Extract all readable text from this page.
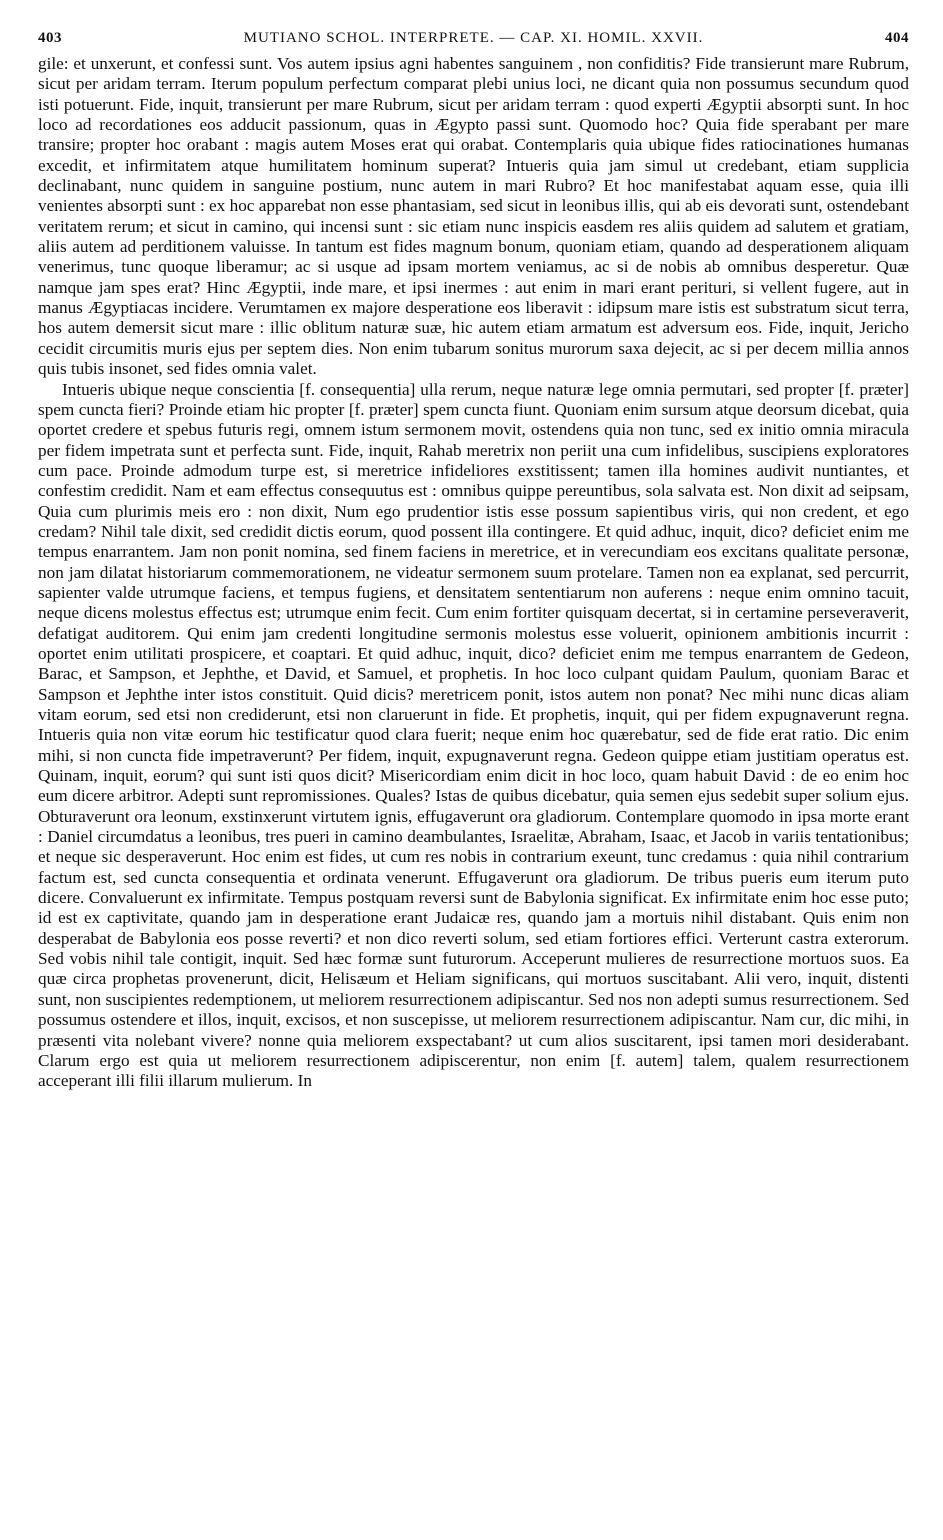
403	MUTIANO SCHOL. INTERPRETE. — CAP. XI. HOMIL. XXVII.	404

gile: et unxerunt, et confessi sunt. Vos autem ipsius agni habentes sanguinem , non confiditis? Fide transierunt mare Rubrum, sicut per aridam terram. Iterum populum perfectum comparat plebi unius loci, ne dicant quia non possumus secundum quod isti potuerunt. Fide, inquit, transierunt per mare Rubrum, sicut per aridam terram : quod experti Ægyptii absorpti sunt. In hoc loco ad recordationes eos adducit passionum, quas in Ægypto passi sunt. Quomodo hoc? Quia fide sperabant per mare transire; propter hoc orabant : magis autem Moses erat qui orabat. Contemplaris quia ubique fides ratiocinationes humanas excedit, et infirmitatem atque humilitatem hominum superat? Intueris quia jam simul ut credebant, etiam supplicia declinabant, nunc quidem in sanguine postium, nunc autem in mari Rubro? Et hoc manifestabat aquam esse, quia illi venientes absorpti sunt : ex hoc apparebat non esse phantasiam, sed sicut in leonibus illis, qui ab eis devorati sunt, ostendebant veritatem rerum; et sicut in camino, qui incensi sunt : sic etiam nunc inspicis easdem res aliis quidem ad salutem et gratiam, aliis autem ad perditionem valuisse. In tantum est fides magnum bonum, quoniam etiam, quando ad desperationem aliquam venerimus, tunc quoque liberamur; ac si usque ad ipsam mortem veniamus, ac si de nobis ab omnibus desperetur. Quæ namque jam spes erat? Hinc Ægyptii, inde mare, et ipsi inermes : aut enim in mari erant perituri, si vellent fugere, aut in manus Ægyptiacas incidere. Verumtamen ex majore desperatione eos liberavit : idipsum mare istis est substratum sicut terra, hos autem demersit sicut mare : illic oblitum naturæ suæ, hic autem etiam armatum est adversum eos. Fide, inquit, Jericho cecidit circumitis muris ejus per septem dies. Non enim tubarum sonitus murorum saxa dejecit, ac si per decem millia annos quis tubis insonet, sed fides omnia valet.

Intueris ubique neque conscientia [f. consequentia] ulla rerum, neque naturæ lege omnia permutari, sed propter [f. præter] spem cuncta fieri? Proinde etiam hic propter [f. præter] spem cuncta fiunt. Quoniam enim sursum atque deorsum dicebat, quia oportet credere et spebus futuris regi, omnem istum sermonem movit, ostendens quia non tunc, sed ex initio omnia miracula per fidem impetrata sunt et perfecta sunt. Fide, inquit, Rahab meretrix non periit una cum infidelibus, suscipiens exploratores cum pace. Proinde admodum turpe est, si meretrice infideliores exstitissent; tamen illa homines audivit nuntiantes, et confestim credidit. Nam et eam effectus consequutus est : omnibus quippe pereuntibus, sola salvata est. Non dixit ad seipsam, Quia cum plurimis meis ero : non dixit, Num ego prudentior istis esse possum sapientibus viris, qui non credent, et ego credam? Nihil tale dixit, sed credidit dictis eorum, quod possent illa contingere. Et quid adhuc, inquit, dico? deficiet enim me tempus enarrantem. Jam non ponit nomina, sed finem faciens in meretrice, et in verecundiam eos excitans qualitate personæ, non jam dilatat historiarum commemorationem, ne videatur sermonem suum protelare. Tamen non ea explanat, sed percurrit, sapienter valde utrumque faciens, et tempus fugiens, et densitatem sententiarum non auferens : neque enim omnino tacuit, neque dicens molestus effectus est; utrumque enim fecit. Cum enim fortiter quisquam decertat, si in certamine perseveraverit, defatigat auditorem. Qui enim jam credenti longitudine sermonis molestus esse voluerit, opinionem ambitionis incurrit : oportet enim utilitati prospicere, et coaptari. Et quid adhuc, inquit, dico? deficiet enim me tempus enarrantem de Gedeon, Barac, et Sampson, et Jephthe, et David, et Samuel, et prophetis. In hoc loco culpant quidam Paulum, quoniam Barac et Sampson et Jephthe inter istos constituit. Quid dicis? meretricem ponit, istos autem non ponat? Nec mihi nunc dicas aliam vitam eorum, sed etsi non crediderunt, etsi non claruerunt in fide. Et prophetis, inquit, qui per fidem expugnaverunt regna. Intueris quia non vitæ eorum hic testificatur quod clara fuerit; neque enim hoc quærebatur, sed de fide erat ratio. Dic enim mihi, si non cuncta fide impetraverunt? Per fidem, inquit, expugnaverunt regna. Gedeon quippe etiam justitiam operatus est. Quinam, inquit, eorum? qui sunt isti quos dicit? Misericordiam enim dicit in hoc loco, quam habuit David : de eo enim hoc eum dicere arbitror. Adepti sunt repromissiones. Quales? Istas de quibus dicebatur, quia semen ejus sedebit super solium ejus. Obturaverunt ora leonum, exstinxerunt virtutem ignis, effugaverunt ora gladiorum. Contemplare quomodo in ipsa morte erant : Daniel circumdatus a leonibus, tres pueri in camino deambulantes, Israelitæ, Abraham, Isaac, et Jacob in variis tentationibus; et neque sic desperaverunt. Hoc enim est fides, ut cum res nobis in contrarium exeunt, tunc credamus : quia nihil contrarium factum est, sed cuncta consequentia et ordinata venerunt. Effugaverunt ora gladiorum. De tribus pueris eum iterum puto dicere. Convaluerunt ex infirmitate. Tempus postquam reversi sunt de Babylonia significat. Ex infirmitate enim hoc esse puto; id est ex captivitate, quando jam in desperatione erant Judaicæ res, quando jam a mortuis nihil distabant. Quis enim non desperabat de Babylonia eos posse reverti? et non dico reverti solum, sed etiam fortiores effici. Verterunt castra exterorum. Sed vobis nihil tale contigit, inquit. Sed hæc formæ sunt futurorum. Acceperunt mulieres de resurrectione mortuos suos. Ea quæ circa prophetas provenerunt, dicit, Helisæum et Heliam significans, qui mortuos suscitabant. Alii vero, inquit, distenti sunt, non suscipientes redemptionem, ut meliorem resurrectionem adipiscantur. Sed nos non adepti sumus resurrectionem. Sed possumus ostendere et illos, inquit, excisos, et non suscepisse, ut meliorem resurrectionem adipiscantur. Nam cur, dic mihi, in præsenti vita nolebant vivere? nonne quia meliorem exspectabant? ut cum alios suscitarent, ipsi tamen mori desiderabant. Clarum ergo est quia ut meliorem resurrectionem adipiscerentur, non enim [f. autem] talem, qualem resurrectionem acceperant illi filii illarum mulierum. In
